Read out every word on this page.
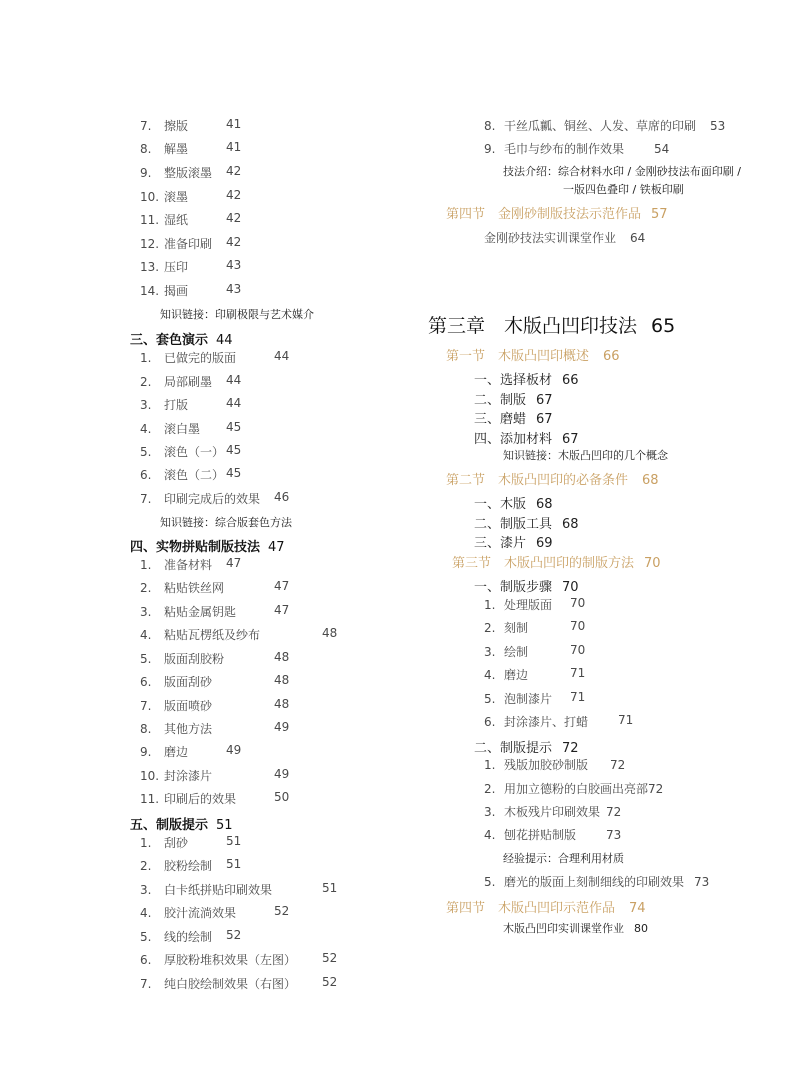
7. 擦版	41
8. 解墨	41
9. 整版滚墨 42
10. 滚墨	42
11. 湿纸	42
12. 准备印刷 42
13. 压印	43
14. 揭画	43
知识链接：印刷极限与艺术媒介
三、套色演示 44
1. 已做完的版面	44
2. 局部刷墨 44
3. 打版	44
4. 滚白墨 45
5. 滚色（一） 45
6. 滚色（二） 45
7. 印刷完成后的效果 46
知识链接：综合版套色方法
四、实物拼贴制版技法 47
1. 准备材料 47
2. 粘贴铁丝网	47
3. 粘贴金属钥匙	47
4. 粘贴瓦楞纸及纱布	48
5. 版面刮胶粉	48
6. 版面刮砂	48
7. 版面喷砂	48
8. 其他方法	49
9. 磨边	49
10. 封涂漆片	49
11. 印刷后的效果	50
五、制版提示 51
1. 刮砂	51
2. 胶粉绘制 51
3. 白卡纸拼贴印刷效果	51
4. 胶汁流淌效果	52
5. 线的绘制 52
6. 厚胶粉堆积效果（左图） 52
7. 纯白胶绘制效果（右图） 52
8. 干丝瓜瓤、铜丝、人发、草席的印刷 53
9. 毛巾与纱布的制作效果	54
技法介绍：综合材料水印 / 金刚砂技法布面印刷 /
一版四色叠印 / 铁板印刷
第四节　金刚砂制版技法示范作品 57
金刚砂技法实训课堂作业 64
第三章　木版凸凹印技法 65
第一节　木版凸凹印概述 66
一、选择板材 66
二、制版 67
三、磨蜡 67
四、添加材料 67
知识链接：木版凸凹印的几个概念
第二节　木版凸凹印的必备条件 68
一、木版 68
二、制版工具 68
三、漆片 69
第三节　木版凸凹印的制版方法 70
一、制版步骤 70
1. 处理版面 70
2. 刻制	70
3. 绘制	70
4. 磨边	71
5. 泡制漆片 71
6. 封涂漆片、打蜡 71
二、制版提示 72
1. 残版加胶砂制版 72
2. 用加立德粉的白胶画出亮部72
3. 木板残片印刷效果 72
4. 刨花拼贴制版	73
经验提示：合理利用材质
5. 磨光的版面上刻制细线的印刷效果 73
第四节　木版凸凹印示范作品 74
木版凸凹印实训课堂作业 80
